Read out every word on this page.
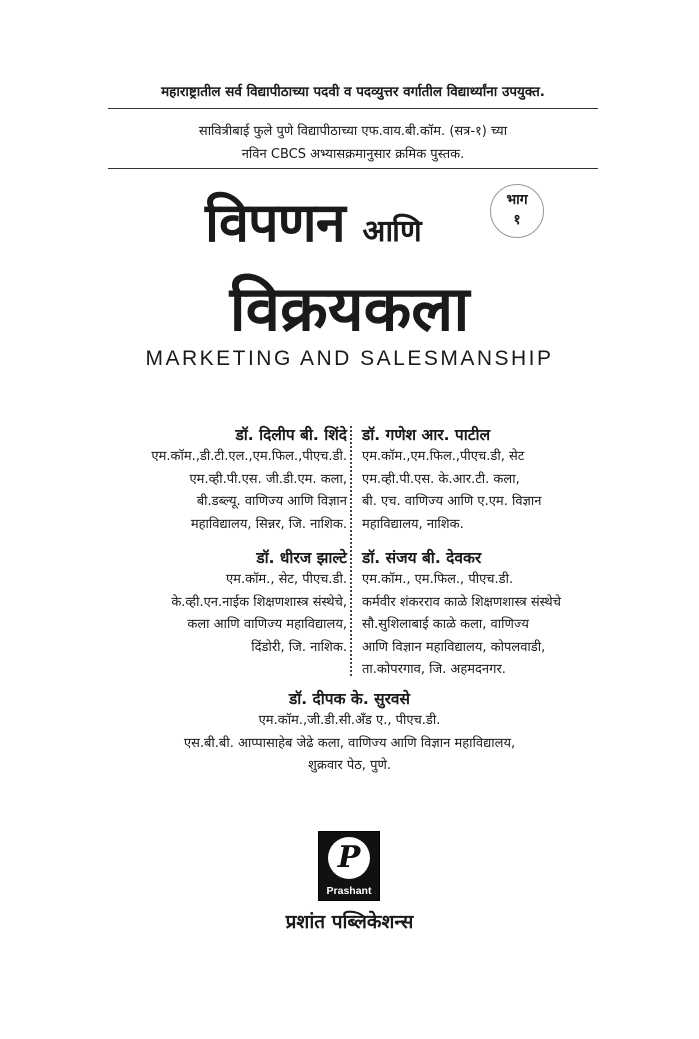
महाराष्ट्रातील सर्व विद्यापीठाच्या पदवी व पदव्युत्तर वर्गातील विद्यार्थ्यांना उपयुक्त.
सावित्रीबाई फुले पुणे विद्यापीठाच्या एफ.वाय.बी.कॉम. (सत्र-१) च्या
नविन CBCS अभ्यासक्रमानुसार क्रमिक पुस्तक.
विपणन आणि
विक्रयकला
भाग
१
MARKETING AND SALESMANSHIP
डॉ. दिलीप बी. शिंदे
एम.कॉम.,डी.टी.एल.,एम.फिल.,पीएच.डी.
एम.व्ही.पी.एस. जी.डी.एम. कला,
बी.डब्ल्यू. वाणिज्य आणि विज्ञान
महाविद्यालय, सिन्नर, जि. नाशिक.
डॉ. गणेश आर. पाटील
एम.कॉम.,एम.फिल.,पीएच.डी, सेट
एम.व्ही.पी.एस. के.आर.टी. कला,
बी. एच. वाणिज्य आणि ए.एम. विज्ञान
महाविद्यालय, नाशिक.
डॉ. धीरज झाल्टे
एम.कॉम., सेट, पीएच.डी.
के.व्ही.एन.नाईक शिक्षणशास्त्र संस्थेचे,
कला आणि वाणिज्य महाविद्यालय,
दिंडोरी, जि. नाशिक.
डॉ. संजय बी. देवकर
एम.कॉम., एम.फिल., पीएच.डी.
कर्मवीर शंकरराव काळे शिक्षणशास्त्र संस्थेचे
सौ.सुशिलाबाई काळे कला, वाणिज्य
आणि विज्ञान महाविद्यालय, कोपलवाडी,
ता.कोपरगाव, जि. अहमदनगर.
डॉ. दीपक के. सुरवसे
एम.कॉम.,जी.डी.सी.अँड ए., पीएच.डी.
एस.बी.बी. आप्पासाहेब जेढे कला, वाणिज्य आणि विज्ञान महाविद्यालय,
शुक्रवार पेठ, पुणे.
P
Prashant
प्रशांत पब्लिकेशन्स
